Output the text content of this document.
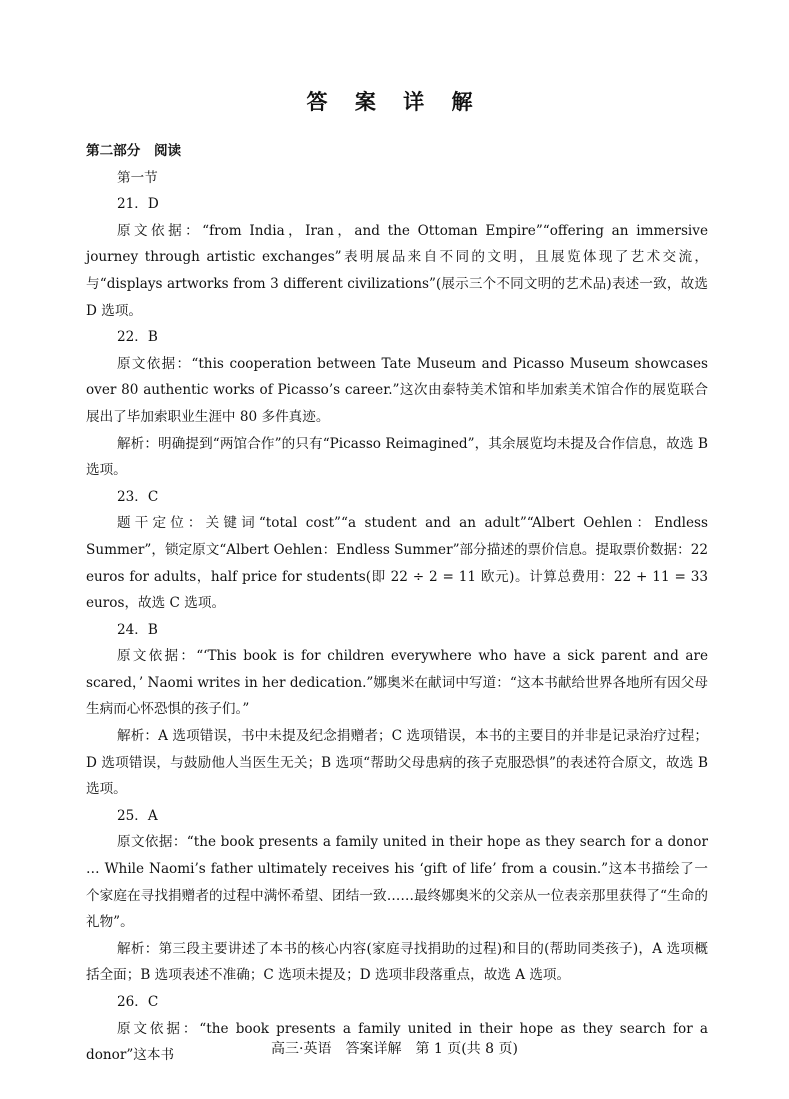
答 案 详 解
第二部分　阅读
第一节
21．D

原文依据：“from India，Iran，and the Ottoman Empire”“offering an immersive journey through artistic exchanges”表明展品来自不同的文明，且展览体现了艺术交流，与“displays artworks from 3 different civilizations”(展示三个不同文明的艺术品)表述一致，故选 D 选项。

22．B

原文依据：“this cooperation between Tate Museum and Picasso Museum showcases over 80 authentic works of Picasso’s career.”这次由泰特美术馆和毕加索美术馆合作的展览联合展出了毕加索职业生涯中 80 多件真迹。

解析：明确提到“两馆合作”的只有“Picasso Reimagined”，其余展览均未提及合作信息，故选 B 选项。

23．C

题干定位：关键词“total cost”“a student and an adult”“Albert Oehlen：Endless Summer”，锁定原文“Albert Oehlen：Endless Summer”部分描述的票价信息。提取票价数据：22 euros for adults，half price for students(即 22 ÷ 2 = 11 欧元)。计算总费用：22 + 11 = 33 euros，故选 C 选项。

24．B

原文依据：“‘This book is for children everywhere who have a sick parent and are scared，’ Naomi writes in her dedication.”娜奥米在献词中写道：“这本书献给世界各地所有因父母生病而心怀恐惧的孩子们。”

解析：A 选项错误，书中未提及纪念捐赠者；C 选项错误，本书的主要目的并非是记录治疗过程；D 选项错误，与鼓励他人当医生无关；B 选项“帮助父母患病的孩子克服恐惧”的表述符合原文，故选 B 选项。

25．A

原文依据：“the book presents a family united in their hope as they search for a donor … While Naomi’s father ultimately receives his ‘gift of life’ from a cousin.”这本书描绘了一个家庭在寻找捐赠者的过程中满怀希望、团结一致……最终娜奥米的父亲从一位表亲那里获得了“生命的礼物”。

解析：第三段主要讲述了本书的核心内容(家庭寻找捐助的过程)和目的(帮助同类孩子)，A 选项概括全面；B 选项表述不准确；C 选项未提及；D 选项非段落重点，故选 A 选项。

26．C

原文依据：“the book presents a family united in their hope as they search for a donor”这本书	高三·英语　答案详解　第 1 页(共 8 页)
